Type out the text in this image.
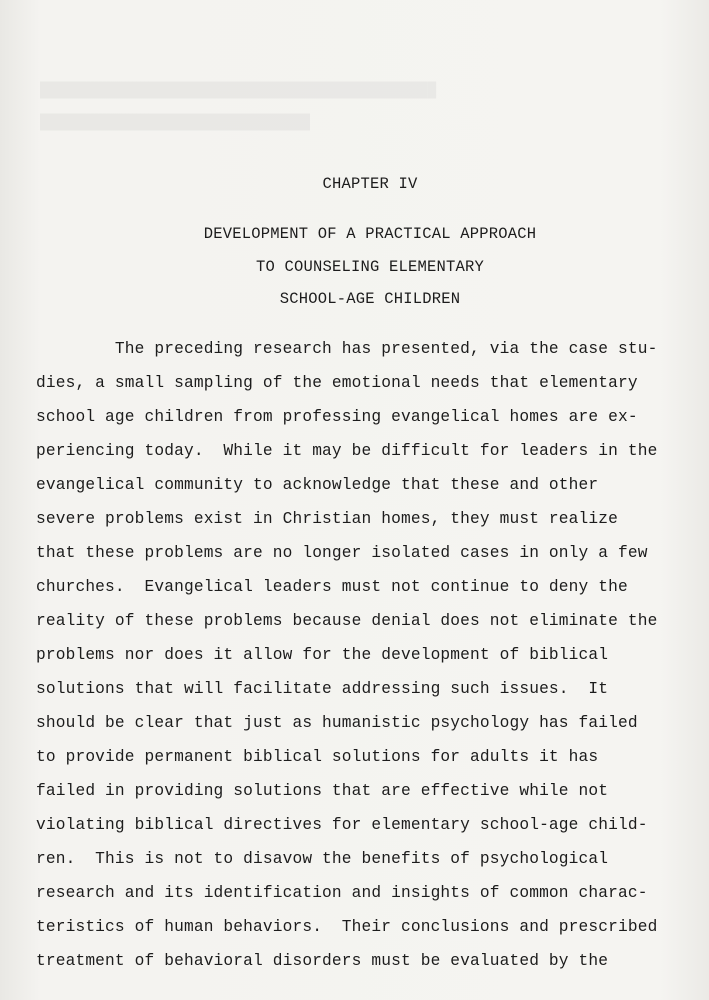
████████████████████████████████████████████
██████████████████████████████
CHAPTER IV
DEVELOPMENT OF A PRACTICAL APPROACH
TO COUNSELING ELEMENTARY
SCHOOL-AGE CHILDREN
The preceding research has presented, via the case stu-
dies, a small sampling of the emotional needs that elementary
school age children from professing evangelical homes are ex-
periencing today.  While it may be difficult for leaders in the
evangelical community to acknowledge that these and other
severe problems exist in Christian homes, they must realize
that these problems are no longer isolated cases in only a few
churches.  Evangelical leaders must not continue to deny the
reality of these problems because denial does not eliminate the
problems nor does it allow for the development of biblical
solutions that will facilitate addressing such issues.  It
should be clear that just as humanistic psychology has failed
to provide permanent biblical solutions for adults it has
failed in providing solutions that are effective while not
violating biblical directives for elementary school-age child-
ren.  This is not to disavow the benefits of psychological
research and its identification and insights of common charac-
teristics of human behaviors.  Their conclusions and prescribed
treatment of behavioral disorders must be evaluated by the
